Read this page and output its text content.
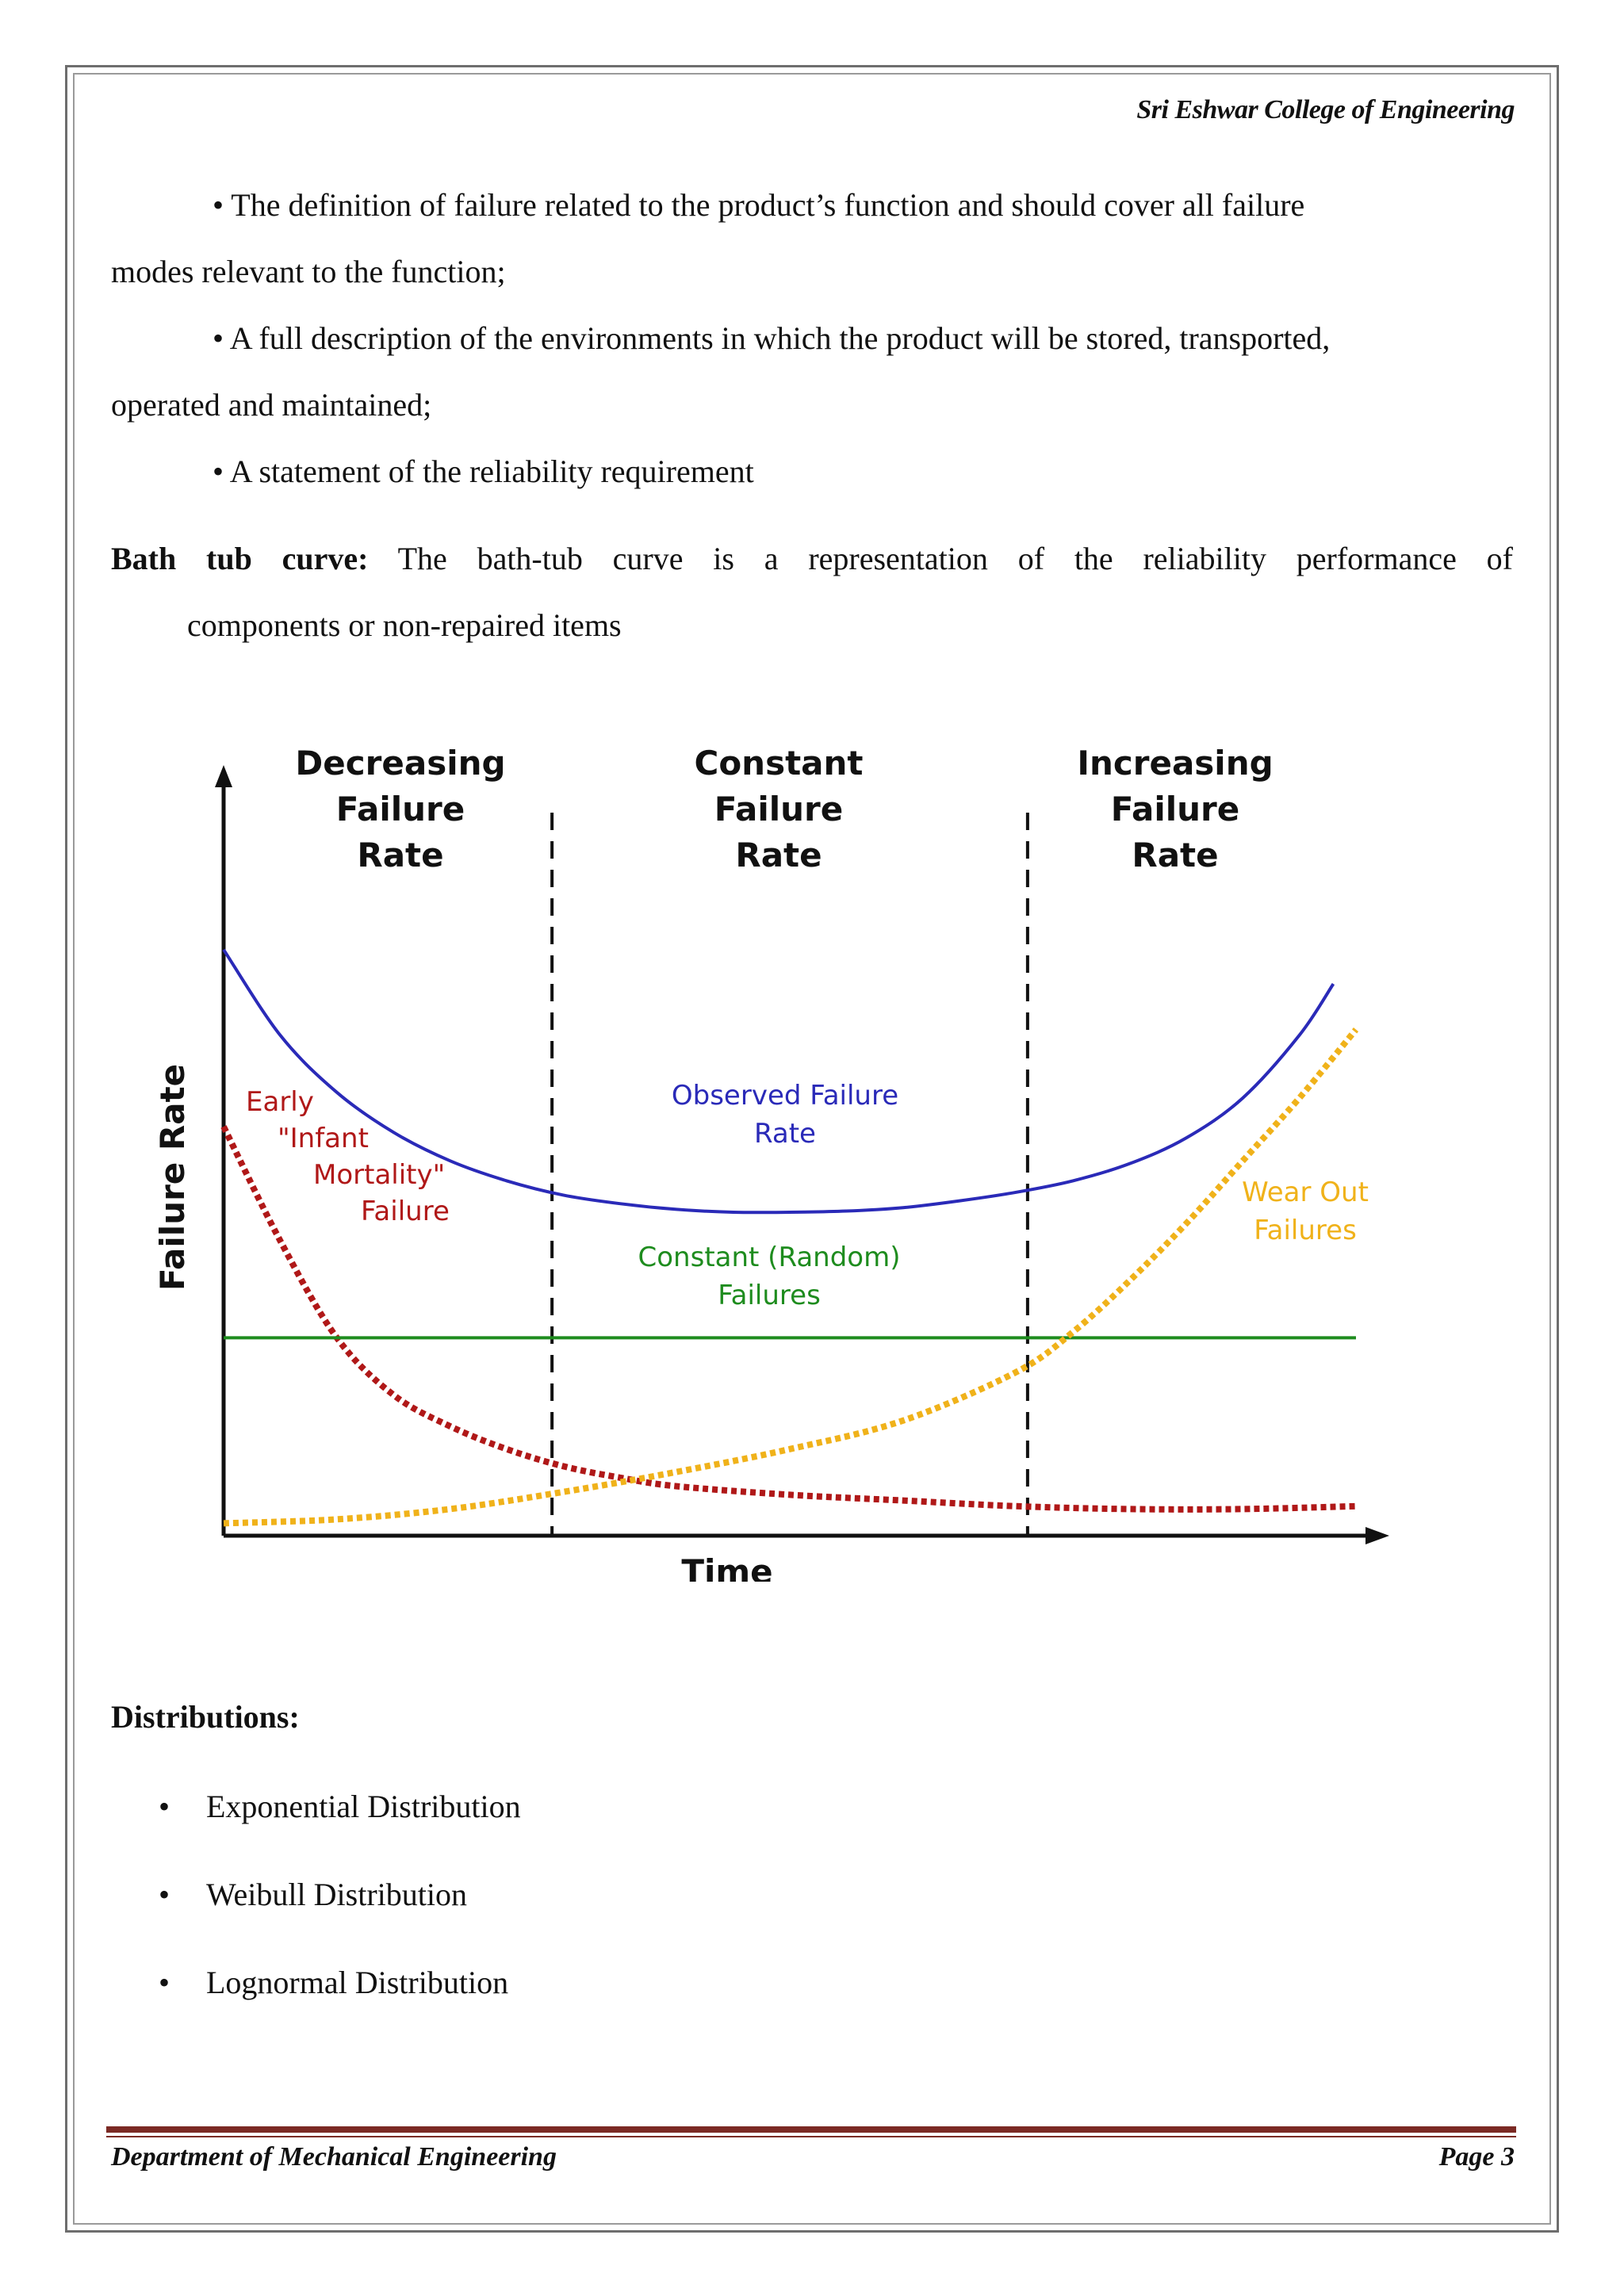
Sri Eshwar College of Engineering
• The definition of failure related to the product’s function and should cover all failure
modes relevant to the function;
• A full description of the environments in which the product will be stored, transported,
operated and maintained;
• A statement of the reliability requirement
Bath tub curve: The bath-tub curve is a representation of the reliability performance of
components or non-repaired items
Decreasing
Failure
Rate
Constant
Failure
Rate
Increasing
Failure
Rate
Time
Failure Rate Early
"Infant
Mortality"
Failure
Observed Failure
Rate
Constant (Random)
Failures
Wear Out
Failures
Distributions:
• Exponential Distribution
• Weibull Distribution
• Lognormal Distribution
Department of Mechanical Engineering	Page 3
